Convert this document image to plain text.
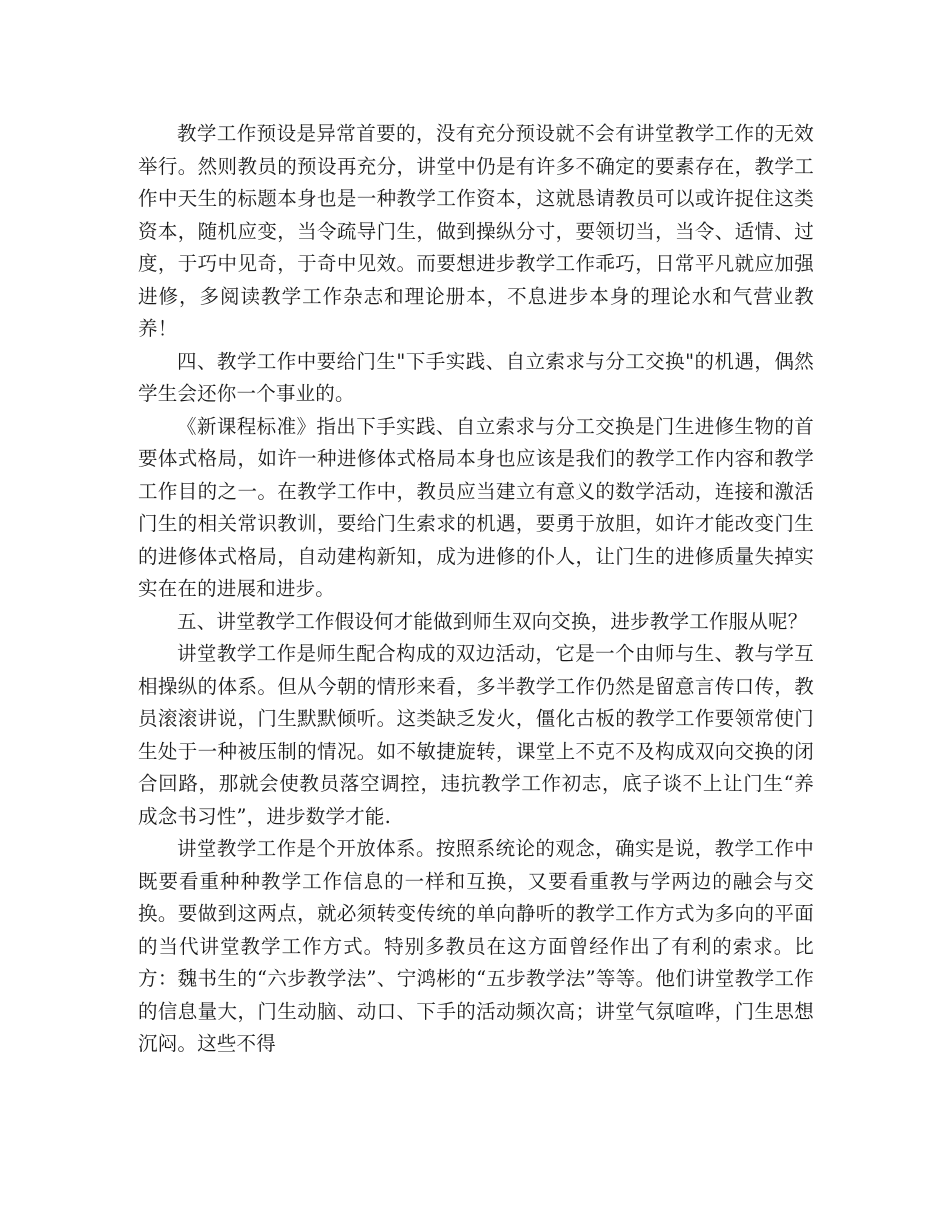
教学工作预设是异常首要的，没有充分预设就不会有讲堂教学工作的无效举行。然则教员的预设再充分，讲堂中仍是有许多不确定的要素存在，教学工作中天生的标题本身也是一种教学工作资本，这就恳请教员可以或许捉住这类资本，随机应变，当令疏导门生，做到操纵分寸，要领切当，当令、适情、过度，于巧中见奇，于奇中见效。而要想进步教学工作乖巧，日常平凡就应加强进修，多阅读教学工作杂志和理论册本，不息进步本身的理论水和气营业教养！

四、教学工作中要给门生"下手实践、自立索求与分工交换"的机遇，偶然学生会还你一个事业的。

《新课程标准》指出下手实践、自立索求与分工交换是门生进修生物的首要体式格局，如许一种进修体式格局本身也应该是我们的教学工作内容和教学工作目的之一。在教学工作中，教员应当建立有意义的数学活动，连接和激活门生的相关常识教训，要给门生索求的机遇，要勇于放胆，如许才能改变门生的进修体式格局，自动建构新知，成为进修的仆人，让门生的进修质量失掉实实在在的进展和进步。

五、讲堂教学工作假设何才能做到师生双向交换，进步教学工作服从呢？

讲堂教学工作是师生配合构成的双边活动，它是一个由师与生、教与学互相操纵的体系。但从今朝的情形来看，多半教学工作仍然是留意言传口传，教员滚滚讲说，门生默默倾听。这类缺乏发火，僵化古板的教学工作要领常使门生处于一种被压制的情况。如不敏捷旋转，课堂上不克不及构成双向交换的闭合回路，那就会使教员落空调控，违抗教学工作初志，底子谈不上让门生“养成念书习性”，进步数学才能.

讲堂教学工作是个开放体系。按照系统论的观念，确实是说，教学工作中既要看重种种教学工作信息的一样和互换，又要看重教与学两边的融会与交换。要做到这两点，就必须转变传统的单向静听的教学工作方式为多向的平面的当代讲堂教学工作方式。特别多教员在这方面曾经作出了有利的索求。比方：魏书生的“六步教学法”、宁鸿彬的“五步教学法”等等。他们讲堂教学工作的信息量大，门生动脑、动口、下手的活动频次高；讲堂气氛喧哗，门生思想沉闷。这些不得
